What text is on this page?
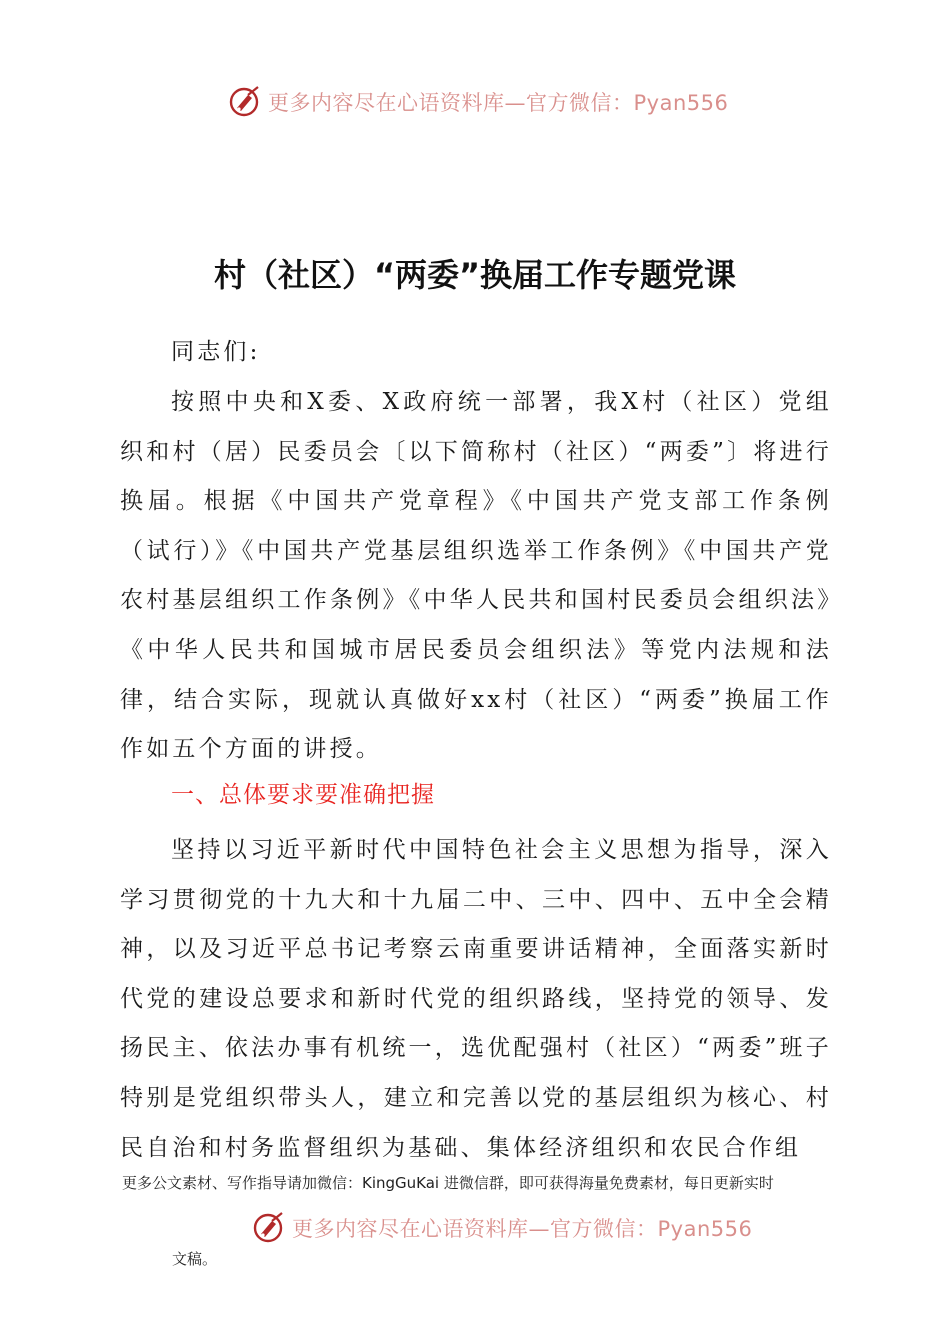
更多内容尽在心语资料库—官方微信：Pyan556
村（社区）“两委”换届工作专题党课

同志们:

按照中央和X委、X政府统一部署，我X村（社区）党组织和村（居）民委员会〔以下简称村（社区）“两委”〕将进行换届。根据《中国共产党章程》《中国共产党支部工作条例（试行）》《中国共产党基层组织选举工作条例》《中国共产党农村基层组织工作条例》《中华人民共和国村民委员会组织法》《中华人民共和国城市居民委员会组织法》等党内法规和法律，结合实际，现就认真做好xx村（社区）“两委”换届工作作如五个方面的讲授。

一、总体要求要准确把握

坚持以习近平新时代中国特色社会主义思想为指导，深入学习贯彻党的十九大和十九届二中、三中、四中、五中全会精神，以及习近平总书记考察云南重要讲话精神，全面落实新时代党的建设总要求和新时代党的组织路线，坚持党的领导、发扬民主、依法办事有机统一，选优配强村（社区）“两委”班子特别是党组织带头人，建立和完善以党的基层组织为核心、村民自治和村务监督组织为基础、集体经济组织和农民合作组

更多公文素材、写作指导请加微信：KingGuKai 进微信群，即可获得海量免费素材，每日更新实时
更多内容尽在心语资料库—官方微信：Pyan556
文稿。
